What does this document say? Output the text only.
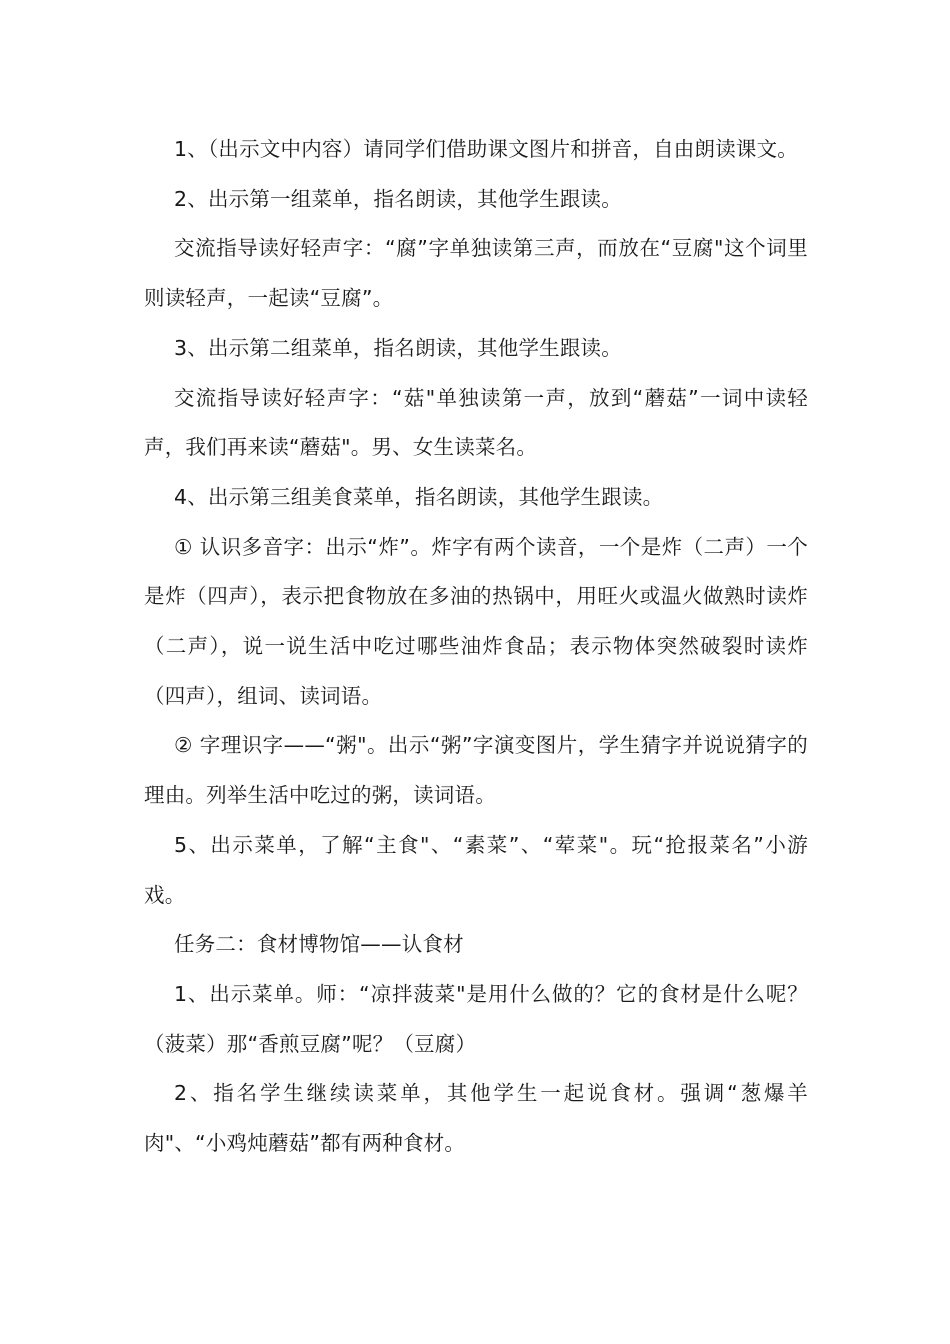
1、（出示文中内容）请同学们借助课文图片和拼音，自由朗读课文。

2、出示第一组菜单，指名朗读，其他学生跟读。

交流指导读好轻声字：“腐”字单独读第三声，而放在“豆腐"这个词里则读轻声，一起读“豆腐”。

3、出示第二组菜单，指名朗读，其他学生跟读。

交流指导读好轻声字：“菇"单独读第一声，放到“蘑菇”一词中读轻声，我们再来读“蘑菇"。男、女生读菜名。

4、出示第三组美食菜单，指名朗读，其他学生跟读。

① 认识多音字：出示“炸”。炸字有两个读音，一个是炸（二声）一个是炸（四声），表示把食物放在多油的热锅中，用旺火或温火做熟时读炸（二声），说一说生活中吃过哪些油炸食品；表示物体突然破裂时读炸（四声），组词、读词语。

② 字理识字——“粥"。出示“粥”字演变图片，学生猜字并说说猜字的理由。列举生活中吃过的粥，读词语。

5、出示菜单，了解“主食"、“素菜”、“荤菜"。玩“抢报菜名”小游戏。

任务二：食材博物馆——认食材

1、出示菜单。师：“凉拌菠菜"是用什么做的？它的食材是什么呢？（菠菜）那“香煎豆腐”呢？（豆腐）

2、指名学生继续读菜单，其他学生一起说食材。强调“葱爆羊肉"、“小鸡炖蘑菇”都有两种食材。
